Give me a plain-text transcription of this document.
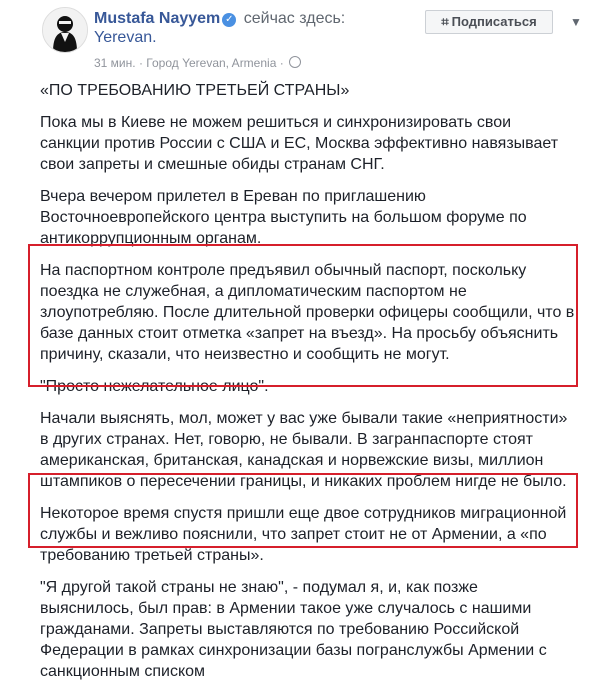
Mustafa Nayyem ✓ сейчас здесь:
Yerevan.
31 мин. · Город Yerevan, Armenia ·
⌗ Подписаться	▼

«ПО ТРЕБОВАНИЮ ТРЕТЬЕЙ СТРАНЫ»

Пока мы в Киеве не можем решиться и синхронизировать свои санкции против России с США и ЕС, Москва эффективно навязывает свои запреты и смешные обиды странам СНГ.

Вчера вечером прилетел в Ереван по приглашению Восточноевропейского центра выступить на большом форуме по антикоррупционным органам.

На паспортном контроле предъявил обычный паспорт, поскольку поездка не служебная, а дипломатическим паспортом не злоупотребляю. После длительной проверки офицеры сообщили, что в базе данных стоит отметка «запрет на въезд». На просьбу объяснить причину, сказали, что неизвестно и сообщить не могут.

"Просто нежелательное лицо".

Начали выяснять, мол, может у вас уже бывали такие «неприятности» в других странах. Нет, говорю, не бывали. В загранпаспорте стоят американская, британская, канадская и норвежские визы, миллион штампиков о пересечении границы, и никаких проблем нигде не было.

Некоторое время спустя пришли еще двое сотрудников миграционной службы и вежливо пояснили, что запрет стоит не от Армении, а «по требованию третьей страны».

"Я другой такой страны не знаю", - подумал я, и, как позже выяснилось, был прав: в Армении такое уже случалось с нашими гражданами. Запреты выставляются по требованию Российской Федерации в рамках синхронизации базы погранслужбы Армении с санкционным списком
